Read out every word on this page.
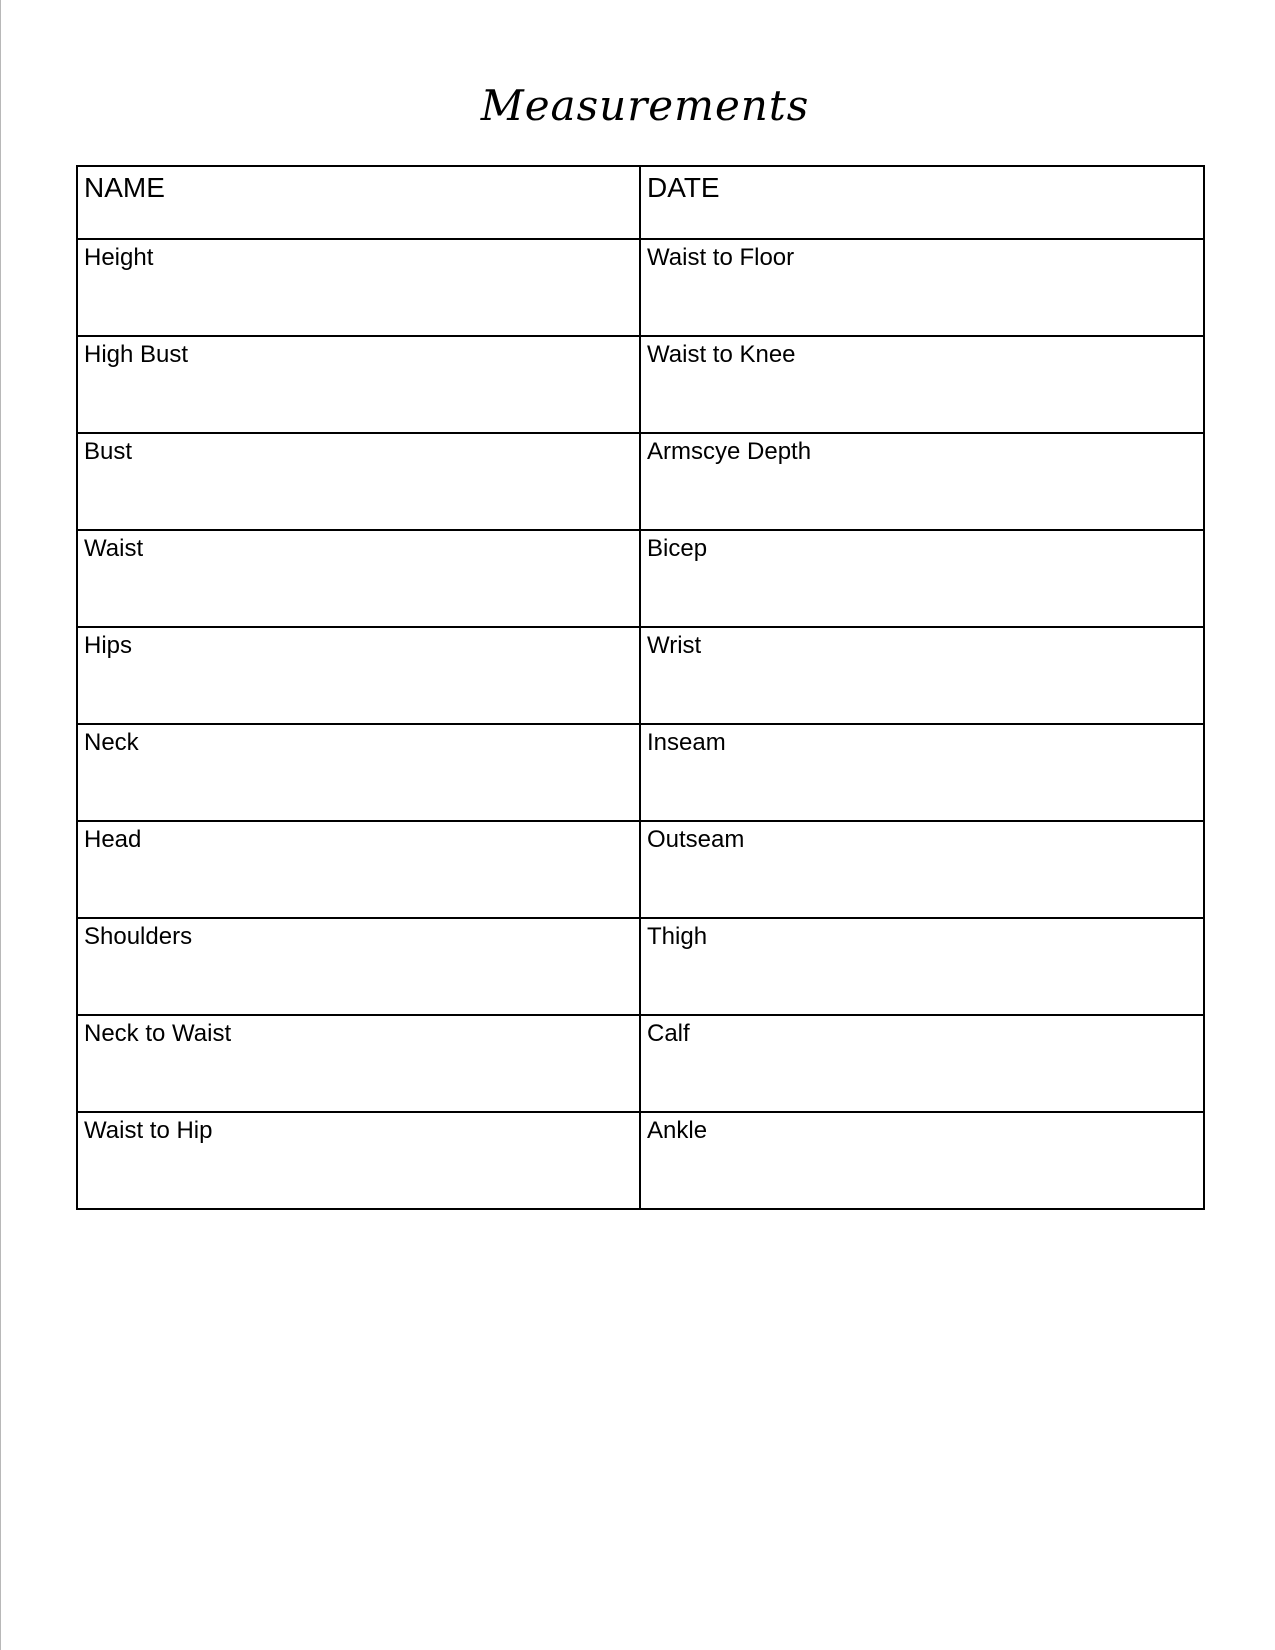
Measurements
NAME	DATE
Height	Waist to Floor
High Bust	Waist to Knee
Bust	Armscye Depth
Waist	Bicep
Hips	Wrist
Neck	Inseam
Head	Outseam
Shoulders	Thigh
Neck to Waist	Calf
Waist to Hip	Ankle
